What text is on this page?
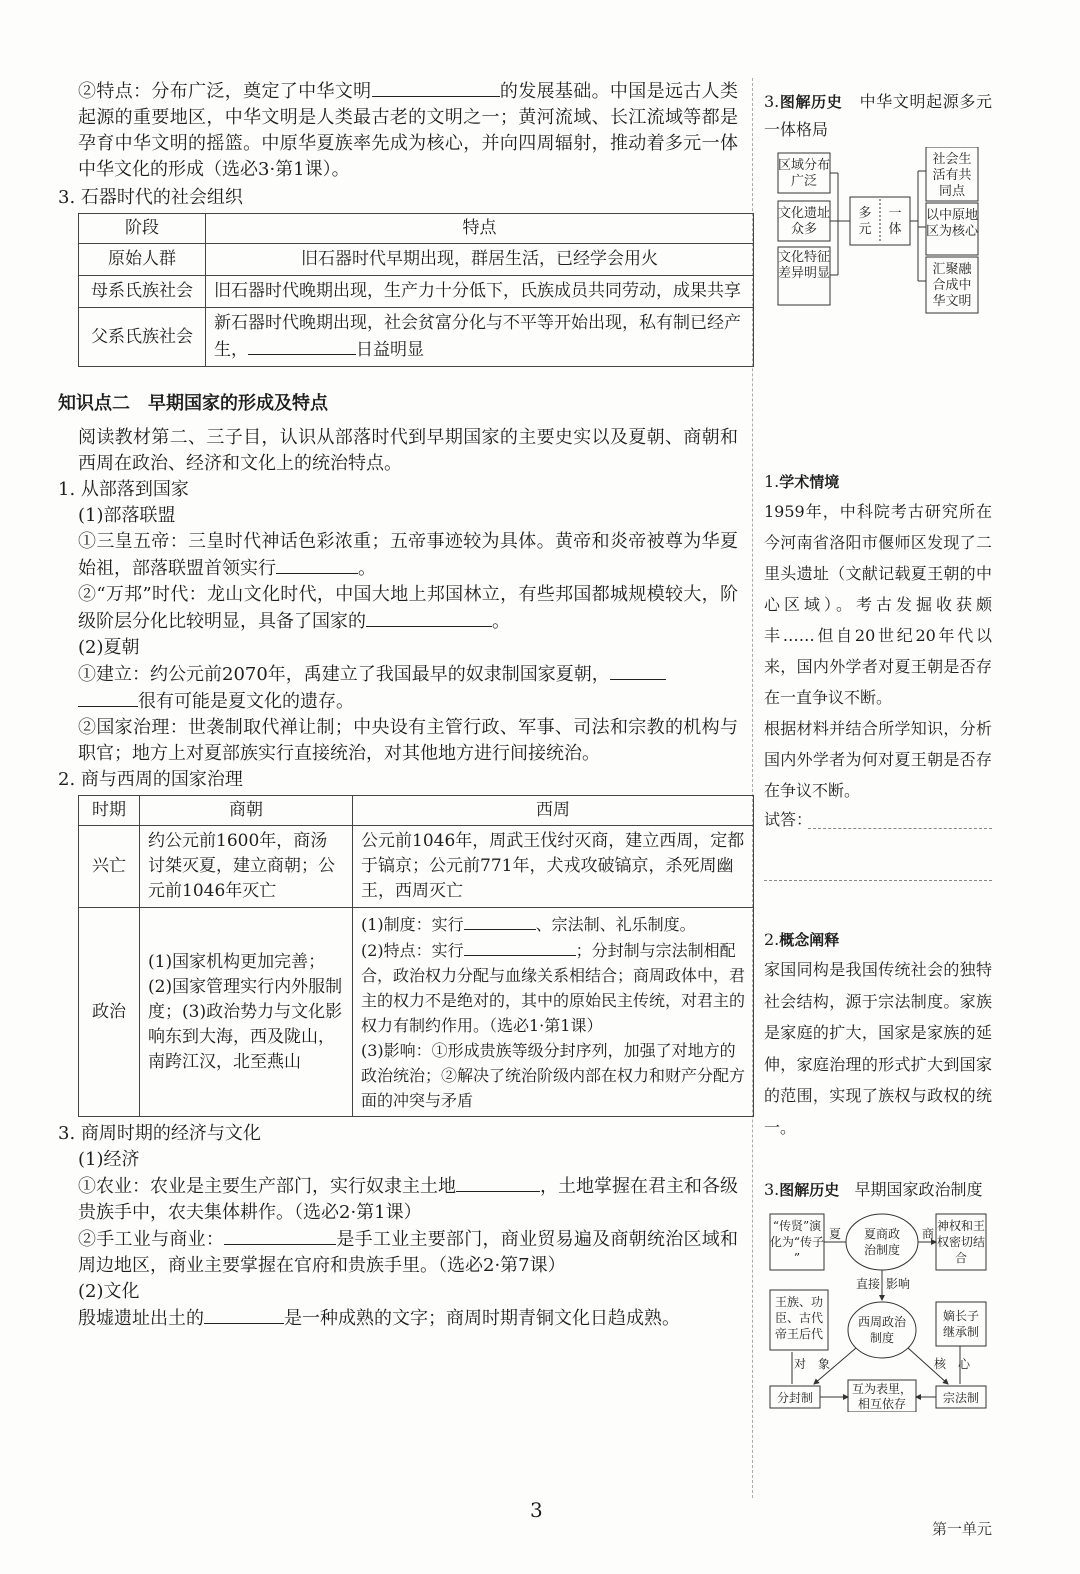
②特点：分布广泛，奠定了中华文明	的发展基础。中国是远古人类起源的重要地区，中华文明是人类最古老的文明之一；黄河流域、长江流域等都是孕育中华文明的摇篮。中原华夏族率先成为核心，并向四周辐射，推动着多元一体中华文化的形成（选必3·第1课）。

3. 石器时代的社会组织

阶段	特点
原始人群	旧石器时代早期出现，群居生活，已经学会用火
母系氏族社会	旧石器时代晚期出现，生产力十分低下，氏族成员共同劳动，成果共享
父系氏族社会	新石器时代晚期出现，社会贫富分化与不平等开始出现，私有制已经产生， 日益明显

知识点二　早期国家的形成及特点

阅读教材第二、三子目，认识从部落时代到早期国家的主要史实以及夏朝、商朝和西周在政治、经济和文化上的统治特点。

1. 从部落到国家

(1)部落联盟

①三皇五帝：三皇时代神话色彩浓重；五帝事迹较为具体。黄帝和炎帝被尊为华夏始祖，部落联盟首领实行	。

②“万邦”时代：龙山文化时代，中国大地上邦国林立，有些邦国都城规模较大，阶级阶层分化比较明显，具备了国家的	。

(2)夏朝

①建立：约公元前2070年，禹建立了我国最早的奴隶制国家夏朝，
很有可能是夏文化的遗存。

②国家治理：世袭制取代禅让制；中央设有主管行政、军事、司法和宗教的机构与职官；地方上对夏部族实行直接统治，对其他地方进行间接统治。

2. 商与西周的国家治理

时期	商朝	西周
兴亡	约公元前1600年，商汤讨桀灭夏，建立商朝；公元前1046年灭亡	公元前1046年，周武王伐纣灭商，建立西周，定都于镐京；公元前771年，犬戎攻破镐京，杀死周幽王，西周灭亡
政治	(1)国家机构更加完善；(2)国家管理实行内外服制度；(3)政治势力与文化影响东到大海，西及陇山，南跨江汉，北至燕山	(1)制度：实行 、宗法制、礼乐制度。
(2)特点：实行 ；分封制与宗法制相配合，政治权力分配与血缘关系相结合；商周政体中，君主的权力不是绝对的，其中的原始民主传统，对君主的权力有制约作用。（选必1·第1课）
(3)影响：①形成贵族等级分封序列，加强了对地方的政治统治；②解决了统治阶级内部在权力和财产分配方面的冲突与矛盾

3. 商周时期的经济与文化

(1)经济

①农业：农业是主要生产部门，实行奴隶主土地	，土地掌握在君主和各级贵族手中，农夫集体耕作。（选必2·第1课）

②手工业与商业：	是手工业主要部门，商业贸易遍及商朝统治区域和周边地区，商业主要掌握在官府和贵族手里。（选必2·第7课）

(2)文化

殷墟遗址出土的	是一种成熟的文字；商周时期青铜文化日趋成熟。

3.图解历史 中华文明起源多元一体格局

区域分布广泛
文化遗址众多
文化特征差异明显
多元
一体
社会生活有共同点
以中原地区为核心
汇聚融合成中华文明

1.学术情境

1959年，中科院考古研究所在今河南省洛阳市偃师区发现了二里头遗址（文献记载夏王朝的中心区域）。考古发掘收获颇丰……但自20世纪20年代以来，国内外学者对夏王朝是否存在一直争议不断。

根据材料并结合所学知识，分析国内外学者为何对夏王朝是否存在争议不断。

试答：

2.概念阐释

家国同构是我国传统社会的独特社会结构，源于宗法制度。家族是家庭的扩大，国家是家族的延伸，家庭治理的形式扩大到国家的范围，实现了族权与政权的统一。

3.图解历史 早期国家政治制度

“传贤”演化为“传子”
夏 夏商政治制度
商
神权和王权密切结合
直接 影响
西周政治制度
王族、功臣、古代帝王后代
嫡长子继承制
对　象	核　心
分封制
互为表里，相互依存	宗法制
3
第一单元
